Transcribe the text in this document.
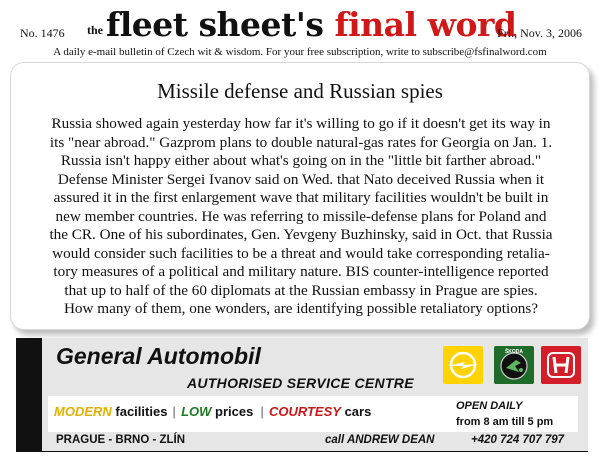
No. 1476 the fleet sheet's final word
Fri., Nov. 3, 2006
A daily e-mail bulletin of Czech wit & wisdom. For your free subscription, write to subscribe@fsfinalword.com
Missile defense and Russian spies
Russia showed again yesterday how far it's willing to go if it doesn't get its way in
its "near abroad." Gazprom plans to double natural-gas rates for Georgia on Jan. 1.
Russia isn't happy either about what's going on in the "little bit farther abroad."
Defense Minister Sergei Ivanov said on Wed. that Nato deceived Russia when it
assured it in the first enlargement wave that military facilities wouldn't be built in
new member countries. He was referring to missile-defense plans for Poland and
the CR. One of his subordinates, Gen. Yevgeny Buzhinsky, said in Oct. that Russia
would consider such facilities to be a threat and would take corresponding retalia-
tory measures of a political and military nature. BIS counter-intelligence reported
that up to half of the 60 diplomats at the Russian embassy in Prague are spies.
How many of them, one wonders, are identifying possible retaliatory options?
General Automobil
AUTHORISED SERVICE CENTRE
ŠKODA
MODERN facilities | LOW prices | COURTESY cars	OPEN DAILY
from 8 am till 5 pm
PRAGUE - BRNO - ZLÍN	call ANDREW DEAN	+420 724 707 797
